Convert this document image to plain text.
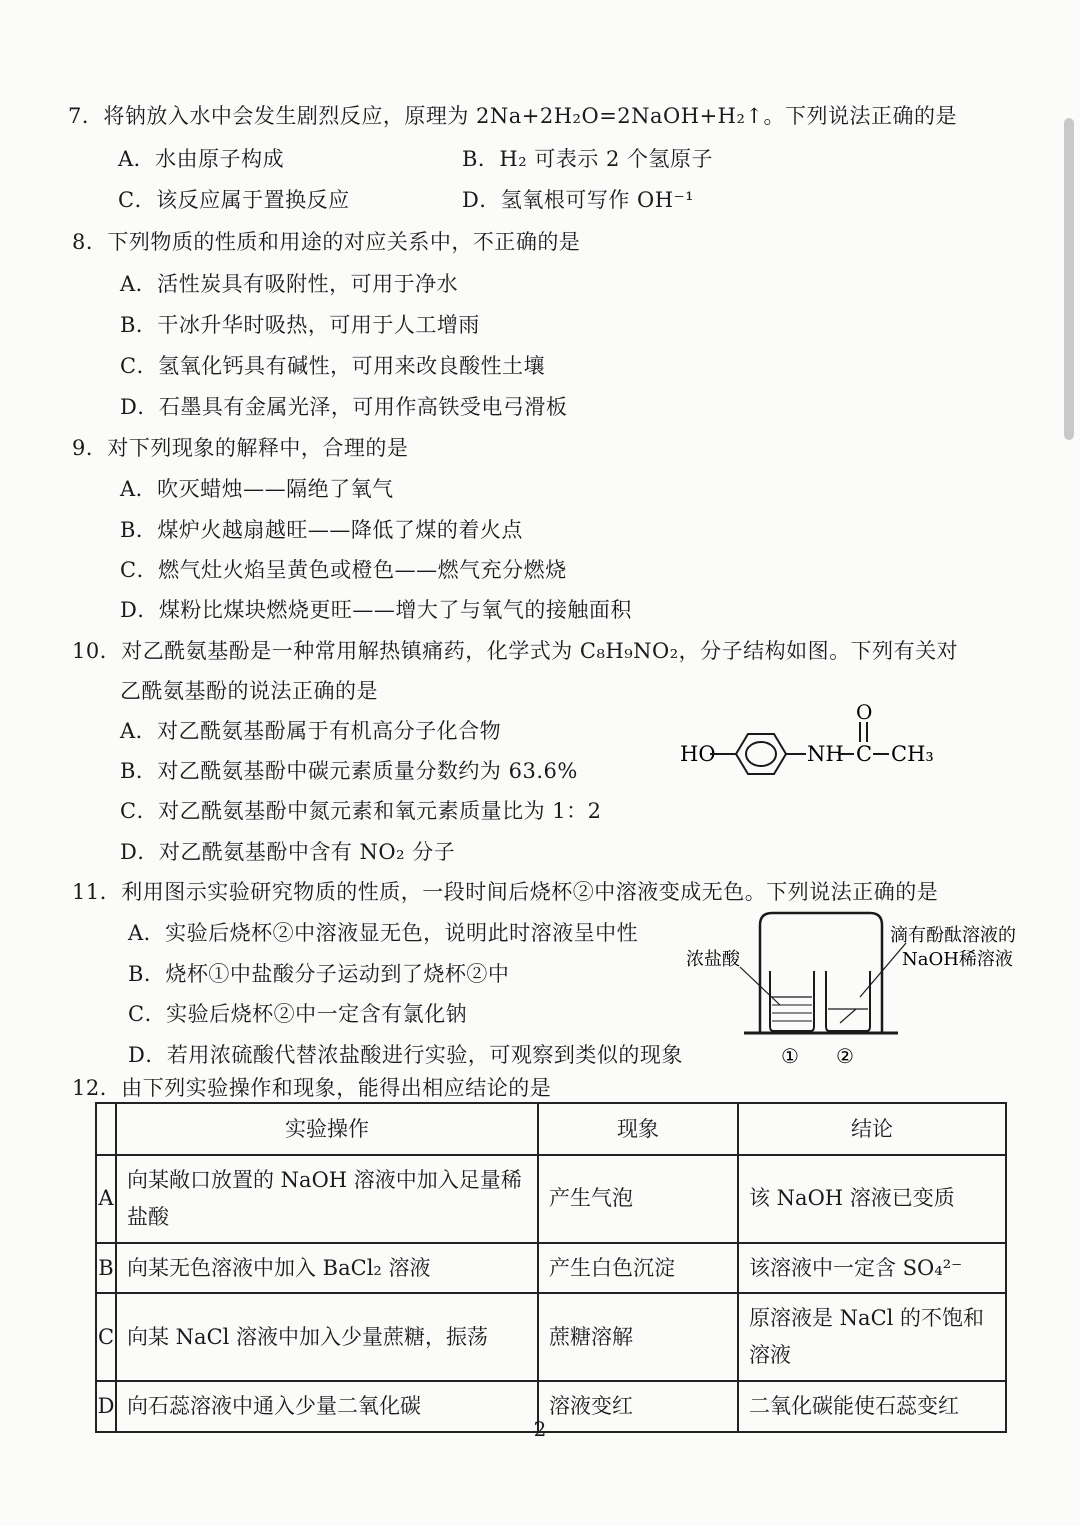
7．将钠放入水中会发生剧烈反应，原理为 2Na+2H₂O=2NaOH+H₂↑。下列说法正确的是
A．水由原子构成	B．H₂ 可表示 2 个氢原子
C．该反应属于置换反应	D．氢氧根可写作 OH⁻¹
8．下列物质的性质和用途的对应关系中，不正确的是
A．活性炭具有吸附性，可用于净水
B．干冰升华时吸热，可用于人工增雨
C．氢氧化钙具有碱性，可用来改良酸性土壤
D．石墨具有金属光泽，可用作高铁受电弓滑板
9．对下列现象的解释中，合理的是
A．吹灭蜡烛——隔绝了氧气
B．煤炉火越扇越旺——降低了煤的着火点
C．燃气灶火焰呈黄色或橙色——燃气充分燃烧
D．煤粉比煤块燃烧更旺——增大了与氧气的接触面积
10．对乙酰氨基酚是一种常用解热镇痛药，化学式为 C₈H₉NO₂，分子结构如图。下列有关对
乙酰氨基酚的说法正确的是
A．对乙酰氨基酚属于有机高分子化合物
B．对乙酰氨基酚中碳元素质量分数约为 63.6%
C．对乙酰氨基酚中氮元素和氧元素质量比为 1：2
D．对乙酰氨基酚中含有 NO₂ 分子
HO	NH C
O
CH₃
11．利用图示实验研究物质的性质，一段时间后烧杯②中溶液变成无色。下列说法正确的是
A．实验后烧杯②中溶液显无色，说明此时溶液呈中性
B．烧杯①中盐酸分子运动到了烧杯②中
C．实验后烧杯②中一定含有氯化钠
D．若用浓硫酸代替浓盐酸进行实验，可观察到类似的现象
浓盐酸
滴有酚酞溶液的
NaOH稀溶液
① ②
12．由下列实验操作和现象，能得出相应结论的是
	实验操作	现象	结论
A	向某敞口放置的 NaOH 溶液中加入足量稀盐酸	产生气泡	该 NaOH 溶液已变质
B	向某无色溶液中加入 BaCl₂ 溶液	产生白色沉淀	该溶液中一定含 SO₄²⁻
C	向某 NaCl 溶液中加入少量蔗糖，振荡	蔗糖溶解	原溶液是 NaCl 的不饱和溶液
D	向石蕊溶液中通入少量二氧化碳	溶液变红	二氧化碳能使石蕊变红
2
